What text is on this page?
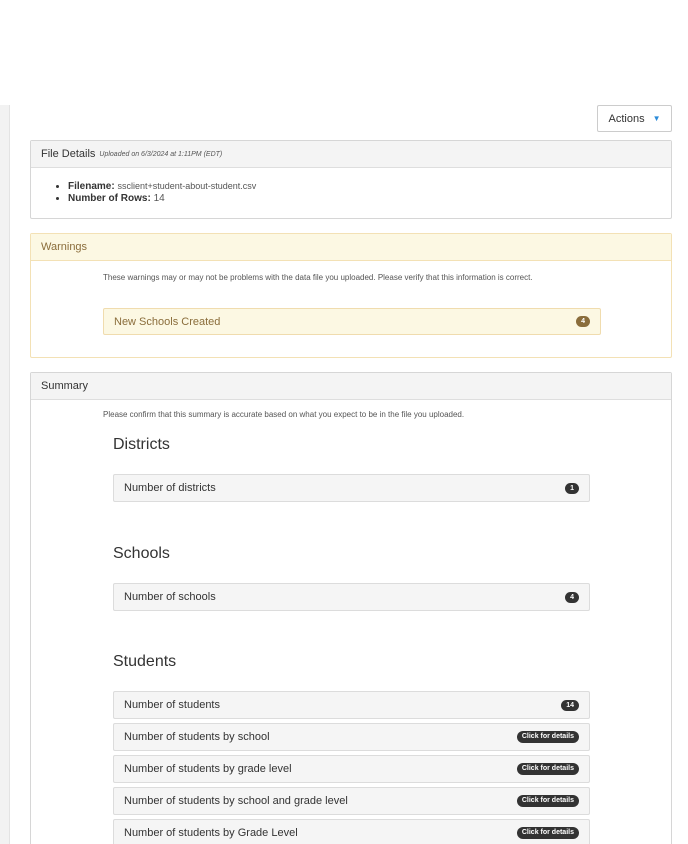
Actions ▼
File Details Uploaded on 6/3/2024 at 1:11PM (EDT)
• Filename: ssclient+student-about-student.csv
• Number of Rows: 14
Warnings

These warnings may or may not be problems with the data file you uploaded. Please verify that this information is correct.

New Schools Created	4
Summary

Please confirm that this summary is accurate based on what you expect to be in the file you uploaded.

Districts
Number of districts	1
Schools
Number of schools	4
Students
Number of students	14
Number of students by school	Click for details
Number of students by grade level	Click for details
Number of students by school and grade level	Click for details
Number of students by Grade Level	Click for details
